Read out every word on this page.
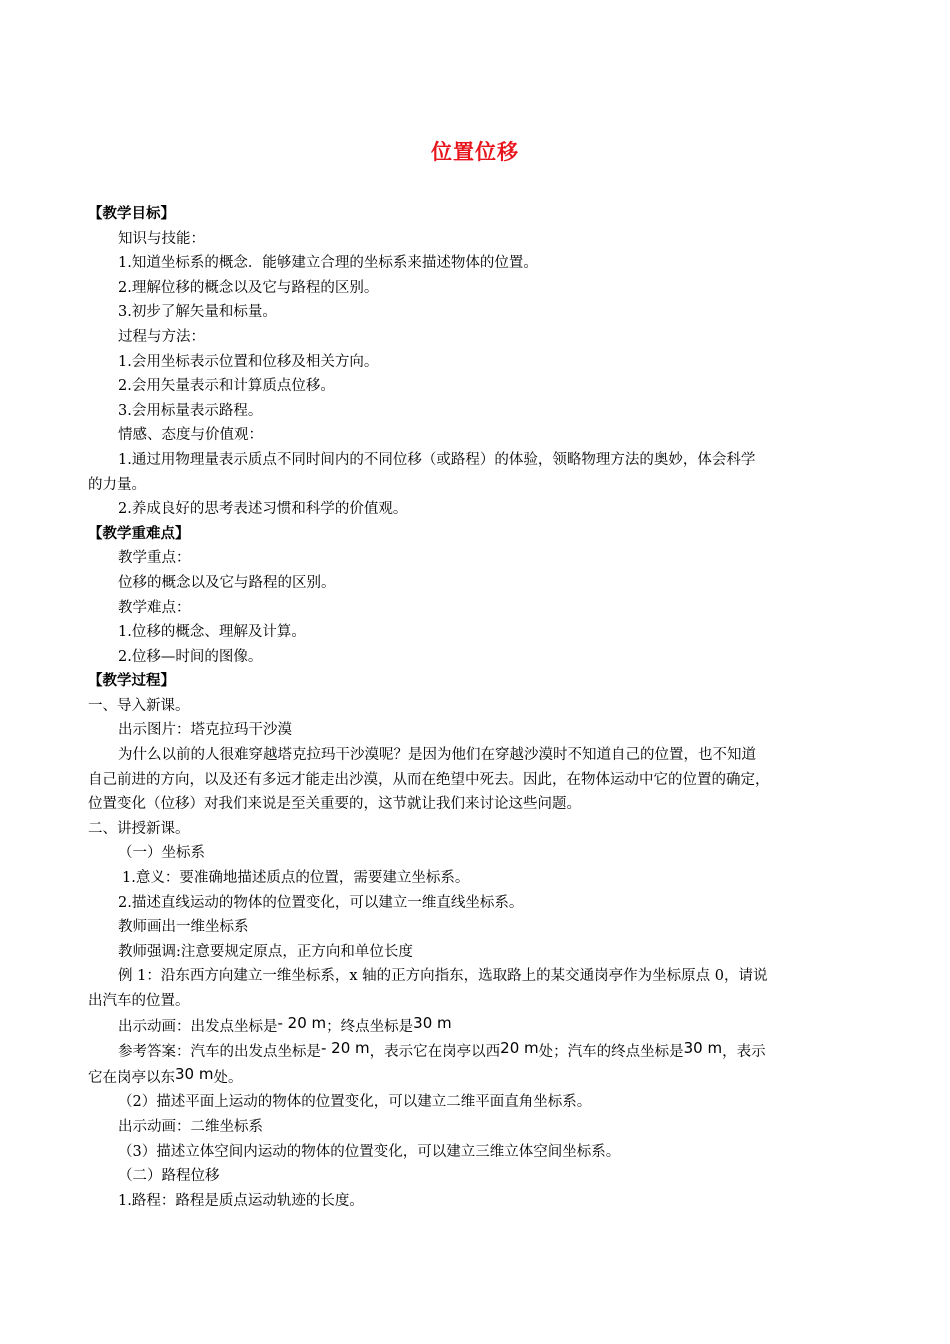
位置位移
【教学目标】
知识与技能：
1.知道坐标系的概念．能够建立合理的坐标系来描述物体的位置。
2.理解位移的概念以及它与路程的区别。
3.初步了解矢量和标量。
过程与方法：
1.会用坐标表示位置和位移及相关方向。
2.会用矢量表示和计算质点位移。
3.会用标量表示路程。
情感、态度与价值观：
1.通过用物理量表示质点不同时间内的不同位移（或路程）的体验，领略物理方法的奥妙，体会科学
的力量。
2.养成良好的思考表述习惯和科学的价值观。
【教学重难点】
教学重点：
位移的概念以及它与路程的区别。
教学难点：
1.位移的概念、理解及计算。
2.位移—时间的图像。
【教学过程】
一、导入新课。
出示图片：塔克拉玛干沙漠
为什么以前的人很难穿越塔克拉玛干沙漠呢？是因为他们在穿越沙漠时不知道自己的位置，也不知道
自己前进的方向，以及还有多远才能走出沙漠，从而在绝望中死去。因此，在物体运动中它的位置的确定，
位置变化（位移）对我们来说是至关重要的，这节就让我们来讨论这些问题。
二、讲授新课。
（一）坐标系
1.意义：要准确地描述质点的位置，需要建立坐标系。
2.描述直线运动的物体的位置变化，可以建立一维直线坐标系。
教师画出一维坐标系
教师强调:注意要规定原点，正方向和单位长度
例 1：沿东西方向建立一维坐标系，x 轴的正方向指东，选取路上的某交通岗亭作为坐标原点 0，请说
出汽车的位置。
出示动画：出发点坐标是- 20 m；终点坐标是30 m
参考答案：汽车的出发点坐标是- 20 m，表示它在岗亭以西20 m处；汽车的终点坐标是30 m，表示
它在岗亭以东30 m处。
（2）描述平面上运动的物体的位置变化，可以建立二维平面直角坐标系。
出示动画：二维坐标系
（3）描述立体空间内运动的物体的位置变化，可以建立三维立体空间坐标系。
（二）路程位移
1.路程：路程是质点运动轨迹的长度。
